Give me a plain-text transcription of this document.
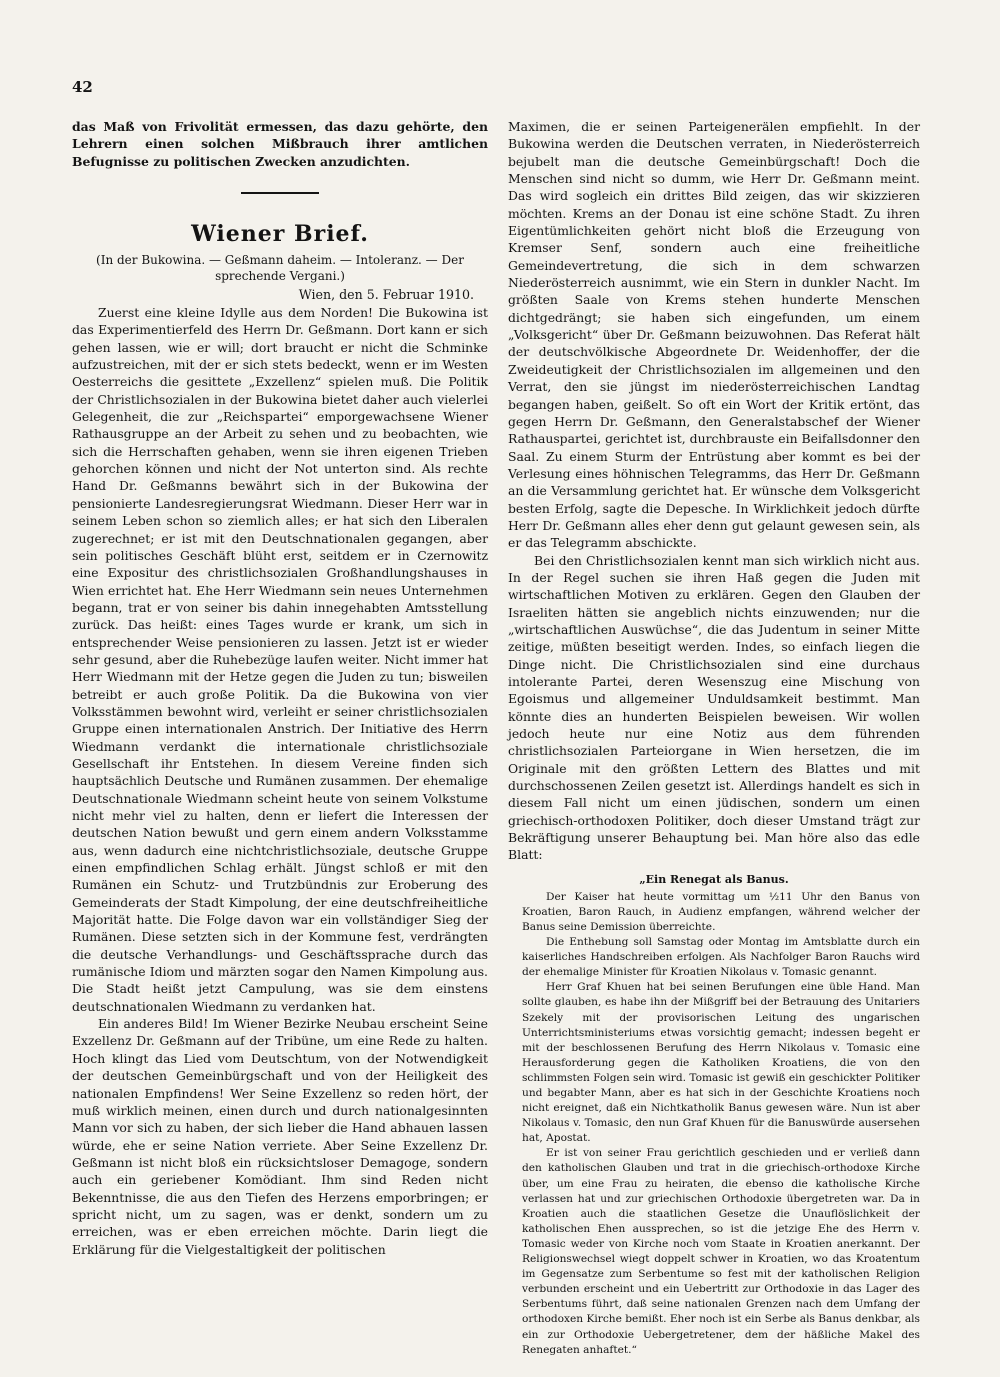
42

das Maß von Frivolität ermessen, das dazu gehörte, den Lehrern einen solchen Mißbrauch ihrer amtlichen Befugnisse zu politischen Zwecken anzudichten.

Wiener Brief.
(In der Bukowina. — Geßmann daheim. — Intoleranz. — Der sprechende Vergani.)
Wien, den 5. Februar 1910.

Zuerst eine kleine Idylle aus dem Norden! Die Bukowina ist das Experimentierfeld des Herrn Dr. Geßmann. Dort kann er sich gehen lassen, wie er will; dort braucht er nicht die Schminke aufzustreichen, mit der er sich stets bedeckt, wenn er im Westen Oesterreichs die gesittete „Exzellenz“ spielen muß. Die Politik der Christlichsozialen in der Bukowina bietet daher auch vielerlei Gelegenheit, die zur „Reichspartei“ emporgewachsene Wiener Rathausgruppe an der Arbeit zu sehen und zu beobachten, wie sich die Herrschaften gehaben, wenn sie ihren eigenen Trieben gehorchen können und nicht der Not unterton sind. Als rechte Hand Dr. Geßmanns bewährt sich in der Bukowina der pensionierte Landesregierungsrat Wiedmann. Dieser Herr war in seinem Leben schon so ziemlich alles; er hat sich den Liberalen zugerechnet; er ist mit den Deutschnationalen gegangen, aber sein politisches Geschäft blüht erst, seitdem er in Czernowitz eine Expositur des christlichsozialen Großhandlungshauses in Wien errichtet hat. Ehe Herr Wiedmann sein neues Unternehmen begann, trat er von seiner bis dahin innegehabten Amtsstellung zurück. Das heißt: eines Tages wurde er krank, um sich in entsprechender Weise pensionieren zu lassen. Jetzt ist er wieder sehr gesund, aber die Ruhebezüge laufen weiter. Nicht immer hat Herr Wiedmann mit der Hetze gegen die Juden zu tun; bisweilen betreibt er auch große Politik. Da die Bukowina von vier Volksstämmen bewohnt wird, verleiht er seiner christlichsozialen Gruppe einen internationalen Anstrich. Der Initiative des Herrn Wiedmann verdankt die internationale christlichsoziale Gesellschaft ihr Entstehen. In diesem Vereine finden sich hauptsächlich Deutsche und Rumänen zusammen. Der ehemalige Deutschnationale Wiedmann scheint heute von seinem Volkstume nicht mehr viel zu halten, denn er liefert die Interessen der deutschen Nation bewußt und gern einem andern Volksstamme aus, wenn dadurch eine nichtchristlichsoziale, deutsche Gruppe einen empfindlichen Schlag erhält. Jüngst schloß er mit den Rumänen ein Schutz- und Trutzbündnis zur Eroberung des Gemeinderats der Stadt Kimpolung, der eine deutschfreiheitliche Majorität hatte. Die Folge davon war ein vollständiger Sieg der Rumänen. Diese setzten sich in der Kommune fest, verdrängten die deutsche Verhandlungs- und Geschäftssprache durch das rumänische Idiom und märzten sogar den Namen Kimpolung aus. Die Stadt heißt jetzt Campulung, was sie dem einstens deutschnationalen Wiedmann zu verdanken hat.

Ein anderes Bild! Im Wiener Bezirke Neubau erscheint Seine Exzellenz Dr. Geßmann auf der Tribüne, um eine Rede zu halten. Hoch klingt das Lied vom Deutschtum, von der Notwendigkeit der deutschen Gemeinbürgschaft und von der Heiligkeit des nationalen Empfindens! Wer Seine Exzellenz so reden hört, der muß wirklich meinen, einen durch und durch nationalgesinnten Mann vor sich zu haben, der sich lieber die Hand abhauen lassen würde, ehe er seine Nation verriete. Aber Seine Exzellenz Dr. Geßmann ist nicht bloß ein rücksichtsloser Demagoge, sondern auch ein geriebener Komödiant. Ihm sind Reden nicht Bekenntnisse, die aus den Tiefen des Herzens emporbringen; er spricht nicht, um zu sagen, was er denkt, sondern um zu erreichen, was er eben erreichen möchte. Darin liegt die Erklärung für die Vielgestaltigkeit der politischen

Maximen, die er seinen Parteigenerälen empfiehlt. In der Bukowina werden die Deutschen verraten, in Niederösterreich bejubelt man die deutsche Gemeinbürgschaft! Doch die Menschen sind nicht so dumm, wie Herr Dr. Geßmann meint. Das wird sogleich ein drittes Bild zeigen, das wir skizzieren möchten. Krems an der Donau ist eine schöne Stadt. Zu ihren Eigentümlichkeiten gehört nicht bloß die Erzeugung von Kremser Senf, sondern auch eine freiheitliche Gemeindevertretung, die sich in dem schwarzen Niederösterreich ausnimmt, wie ein Stern in dunkler Nacht. Im größten Saale von Krems stehen hunderte Menschen dichtgedrängt; sie haben sich eingefunden, um einem „Volksgericht“ über Dr. Geßmann beizuwohnen. Das Referat hält der deutschvölkische Abgeordnete Dr. Weidenhoffer, der die Zweideutigkeit der Christlichsozialen im allgemeinen und den Verrat, den sie jüngst im niederösterreichischen Landtag begangen haben, geißelt. So oft ein Wort der Kritik ertönt, das gegen Herrn Dr. Geßmann, den Generalstabschef der Wiener Rathauspartei, gerichtet ist, durchbrauste ein Beifallsdonner den Saal. Zu einem Sturm der Entrüstung aber kommt es bei der Verlesung eines höhnischen Telegramms, das Herr Dr. Geßmann an die Versammlung gerichtet hat. Er wünsche dem Volksgericht besten Erfolg, sagte die Depesche. In Wirklichkeit jedoch dürfte Herr Dr. Geßmann alles eher denn gut gelaunt gewesen sein, als er das Telegramm abschickte.

Bei den Christlichsozialen kennt man sich wirklich nicht aus. In der Regel suchen sie ihren Haß gegen die Juden mit wirtschaftlichen Motiven zu erklären. Gegen den Glauben der Israeliten hätten sie angeblich nichts einzuwenden; nur die „wirtschaftlichen Auswüchse“, die das Judentum in seiner Mitte zeitige, müßten beseitigt werden. Indes, so einfach liegen die Dinge nicht. Die Christlichsozialen sind eine durchaus intolerante Partei, deren Wesenszug eine Mischung von Egoismus und allgemeiner Unduldsamkeit bestimmt. Man könnte dies an hunderten Beispielen beweisen. Wir wollen jedoch heute nur eine Notiz aus dem führenden christlichsozialen Parteiorgane in Wien hersetzen, die im Originale mit den größten Lettern des Blattes und mit durchschossenen Zeilen gesetzt ist. Allerdings handelt es sich in diesem Fall nicht um einen jüdischen, sondern um einen griechisch-orthodoxen Politiker, doch dieser Umstand trägt zur Bekräftigung unserer Behauptung bei. Man höre also das edle Blatt:

„Ein Renegat als Banus.

Der Kaiser hat heute vormittag um ½11 Uhr den Banus von Kroatien, Baron Rauch, in Audienz empfangen, während welcher der Banus seine Demission überreichte.

Die Enthebung soll Samstag oder Montag im Amtsblatte durch ein kaiserliches Handschreiben erfolgen. Als Nachfolger Baron Rauchs wird der ehemalige Minister für Kroatien Nikolaus v. Tomasic genannt.

Herr Graf Khuen hat bei seinen Berufungen eine üble Hand. Man sollte glauben, es habe ihn der Mißgriff bei der Betrauung des Unitariers Szekely mit der provisorischen Leitung des ungarischen Unterrichtsministeriums etwas vorsichtig gemacht; indessen begeht er mit der beschlossenen Berufung des Herrn Nikolaus v. Tomasic eine Herausforderung gegen die Katholiken Kroatiens, die von den schlimmsten Folgen sein wird. Tomasic ist gewiß ein geschickter Politiker und begabter Mann, aber es hat sich in der Geschichte Kroatiens noch nicht ereignet, daß ein Nichtkatholik Banus gewesen wäre. Nun ist aber Nikolaus v. Tomasic, den nun Graf Khuen für die Banuswürde ausersehen hat, Apostat.

Er ist von seiner Frau gerichtlich geschieden und er verließ dann den katholischen Glauben und trat in die griechisch-orthodoxe Kirche über, um eine Frau zu heiraten, die ebenso die katholische Kirche verlassen hat und zur griechischen Orthodoxie übergetreten war. Da in Kroatien auch die staatlichen Gesetze die Unauflöslichkeit der katholischen Ehen aussprechen, so ist die jetzige Ehe des Herrn v. Tomasic weder von Kirche noch vom Staate in Kroatien anerkannt. Der Religionswechsel wiegt doppelt schwer in Kroatien, wo das Kroatentum im Gegensatze zum Serbentume so fest mit der katholischen Religion verbunden erscheint und ein Uebertritt zur Orthodoxie in das Lager des Serbentums führt, daß seine nationalen Grenzen nach dem Umfang der orthodoxen Kirche bemißt. Eher noch ist ein Serbe als Banus denkbar, als ein zur Orthodoxie Uebergetretener, dem der häßliche Makel des Renegaten anhaftet.“
